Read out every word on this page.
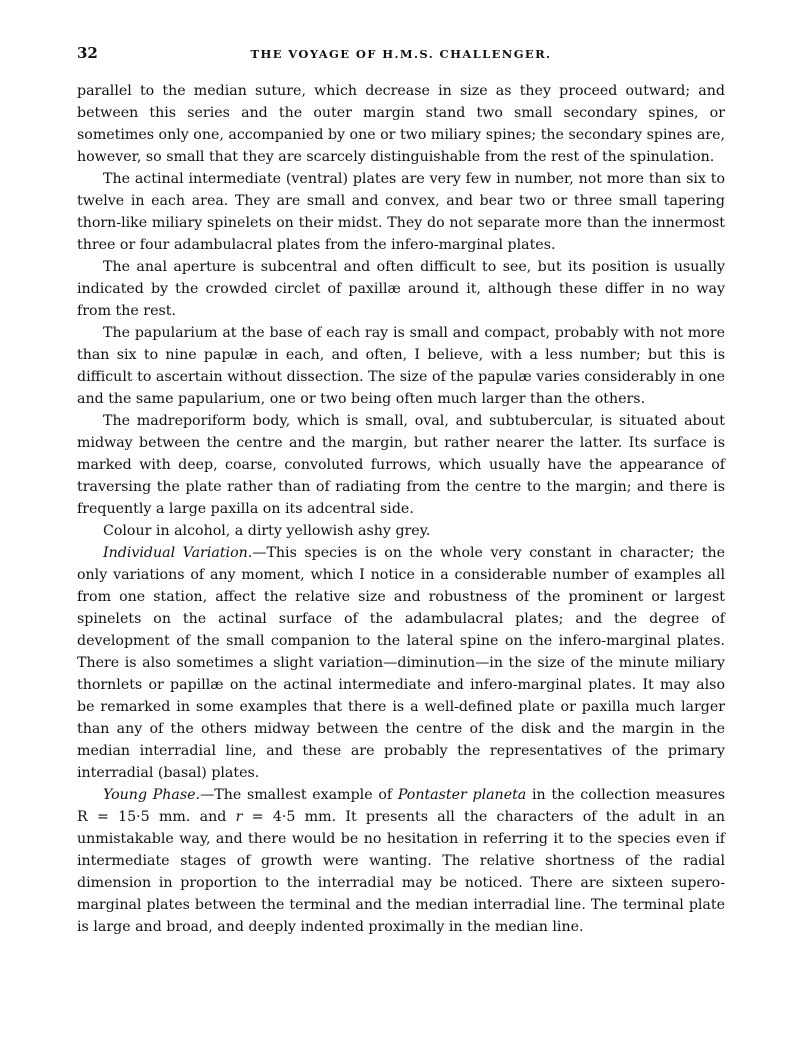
32	THE VOYAGE OF H.M.S. CHALLENGER.

parallel to the median suture, which decrease in size as they proceed outward; and between this series and the outer margin stand two small secondary spines, or sometimes only one, accompanied by one or two miliary spines; the secondary spines are, however, so small that they are scarcely distinguishable from the rest of the spinulation.

The actinal intermediate (ventral) plates are very few in number, not more than six to twelve in each area. They are small and convex, and bear two or three small tapering thorn-like miliary spinelets on their midst. They do not separate more than the innermost three or four adambulacral plates from the infero-marginal plates.

The anal aperture is subcentral and often difficult to see, but its position is usually indicated by the crowded circlet of paxillæ around it, although these differ in no way from the rest.

The papularium at the base of each ray is small and compact, probably with not more than six to nine papulæ in each, and often, I believe, with a less number; but this is difficult to ascertain without dissection. The size of the papulæ varies considerably in one and the same papularium, one or two being often much larger than the others.

The madreporiform body, which is small, oval, and subtubercular, is situated about midway between the centre and the margin, but rather nearer the latter. Its surface is marked with deep, coarse, convoluted furrows, which usually have the appearance of traversing the plate rather than of radiating from the centre to the margin; and there is frequently a large paxilla on its adcentral side.

Colour in alcohol, a dirty yellowish ashy grey.

Individual Variation.—This species is on the whole very constant in character; the only variations of any moment, which I notice in a considerable number of examples all from one station, affect the relative size and robustness of the prominent or largest spinelets on the actinal surface of the adambulacral plates; and the degree of development of the small companion to the lateral spine on the infero-marginal plates. There is also sometimes a slight variation—diminution—in the size of the minute miliary thornlets or papillæ on the actinal intermediate and infero-marginal plates. It may also be remarked in some examples that there is a well-defined plate or paxilla much larger than any of the others midway between the centre of the disk and the margin in the median interradial line, and these are probably the representatives of the primary interradial (basal) plates.

Young Phase.—The smallest example of Pontaster planeta in the collection measures R = 15·5 mm. and r = 4·5 mm. It presents all the characters of the adult in an unmistakable way, and there would be no hesitation in referring it to the species even if intermediate stages of growth were wanting. The relative shortness of the radial dimension in proportion to the interradial may be noticed. There are sixteen supero-marginal plates between the terminal and the median interradial line. The terminal plate is large and broad, and deeply indented proximally in the median line.
